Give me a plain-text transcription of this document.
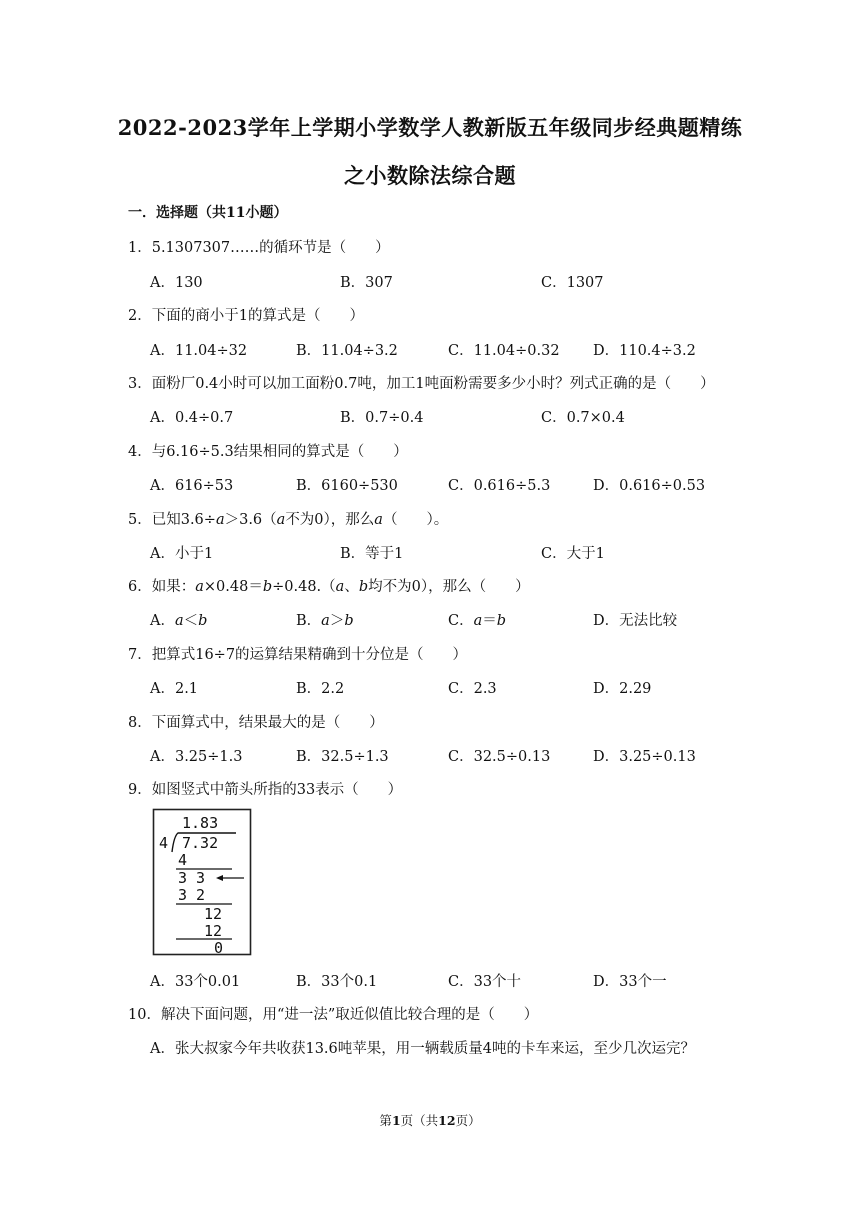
2022-2023学年上学期小学数学人教新版五年级同步经典题精练
之小数除法综合题
一．选择题（共11小题）
1．5.1307307……的循环节是（　　）
A．130	B．307	C．1307
2．下面的商小于1的算式是（　　）
A．11.04÷32	B．11.04÷3.2	C．11.04÷0.32 D．110.4÷3.2
3．面粉厂0.4小时可以加工面粉0.7吨，加工1吨面粉需要多少小时？列式正确的是（　　）
A．0.4÷0.7	B．0.7÷0.4	C．0.7×0.4
4．与6.16÷5.3结果相同的算式是（　　）
A．616÷53	B．6160÷530	C．0.616÷5.3	D．0.616÷0.53
5．已知3.6÷a＞3.6（a不为0），那么a（　　）。
A．小于1	B．等于1	C．大于1
6．如果：a×0.48＝b÷0.48.（a、b均不为0），那么（　　）
A．a＜b	B．a＞b	C．a＝b	D．无法比较
7．把算式16÷7的运算结果精确到十分位是（　　）
A．2.1	B．2.2	C．2.3	D．2.29
8．下面算式中，结果最大的是（　　）
A．3.25÷1.3	B．32.5÷1.3	C．32.5÷0.13	D．3.25÷0.13
9．如图竖式中箭头所指的33表示（　　）
1.83
4 7.32
4
3 3
3 2
12
12
0
A．33个0.01	B．33个0.1	C．33个十	D．33个一
10．解决下面问题，用“进一法”取近似值比较合理的是（　　）
A．张大叔家今年共收获13.6吨苹果，用一辆载质量4吨的卡车来运，至少几次运完？
第1页（共12页）
